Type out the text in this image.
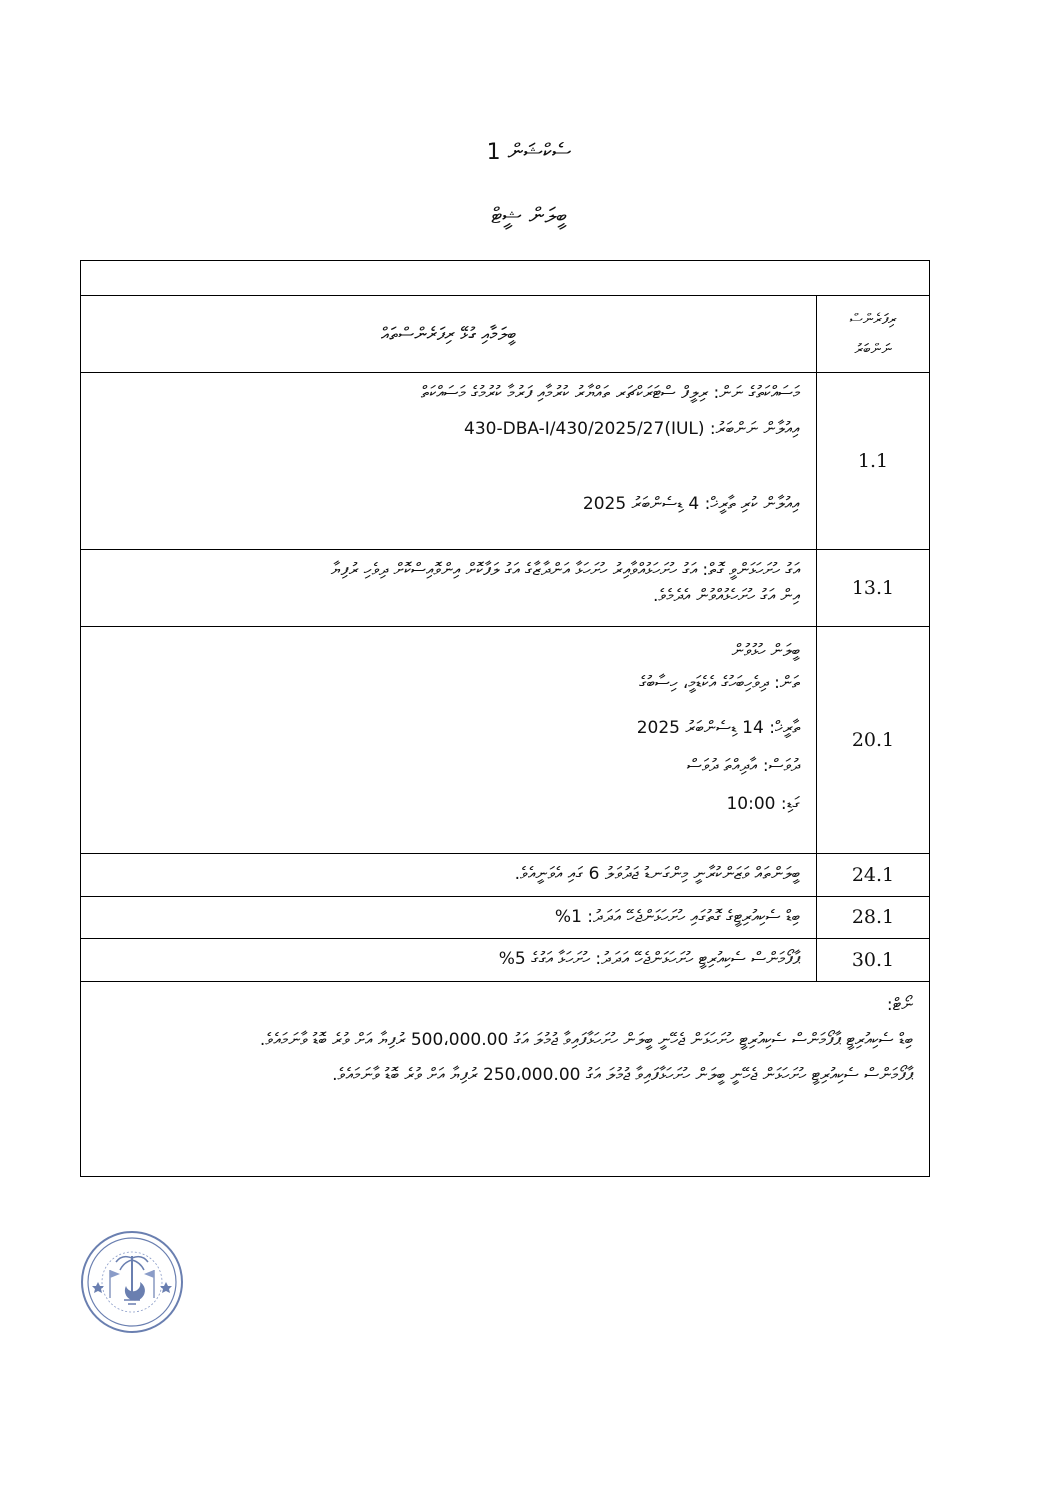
ސެކްޝަން 1
ބީލަން ޝީޓް

ބީލަމާއި ގުޅޭ ރިފަރެންސްތައް	ރިފަރެންސް
ނަންބަރު

މަސައްކަތުގެ ނަން: ރިލީފް ސްޓަރަކްޗަރ ތައްޔާރު ކުރުމާއި ފަރުމާ ކުރުމުގެ މަސައްކަތް
އިއުލާން ނަންބަރު: (IUL)430-DBA-I/430/2025/27
އިއުލާން ކުރި ތާރީޚް: 4 ޑިސެންބަރު 2025	1.1

އަގު ހުށަހަޅަންވީ ގޮތް: އަގު ހުށަހަޅުއްވާއިރު ހުށަހަޅާ އަންދާޒާގެ އަގު ލަފާކޮށް އިންވޮއިސްކޮށް ދިވެހި ރުފިޔާ
އިން އަގު ހުށަހެޅުއްވުން އެދެމެވެ.	13.1

ބީލަން ހުޅުވުން
ތަން: ދިވެހިބަހުގެ އެކެޑަމީ، ހިސާބުގެ
ތާރީޚް: 14 ޑިސެންބަރު 2025
ދުވަސް: އާދިއްތަ ދުވަސް
ގަޑި: 10:00	20.1

ބީލަންތައް ވަޒަންކުރާނީ މިންގަނޑު ޖަދުވަލު 6 ގައި އެވަނީއެވެ.	24.1

ބިޑް ސެކިއުރިޓީގެ ގޮތުގައި ހުށަހަޅަންޖެހޭ އަދަދު: 1%	28.1

ޕާފޯމަންސް ސެކިއުރިޓީ ހުށަހަޅަންޖެހޭ އަދަދު: ހުށަހަޅާ އަގުގެ 5%	30.1

ނޯޓް:
ބިޑް ސެކިއުރިޓީ ޕާފޯމަންސް ސެކިއުރިޓީ ހުށަހަޅަން ޖެހޭނީ ބީލަން ހުށަހަޅާފައިވާ ޖުމުލަ އަގު 500،000.00 ރުފިޔާ އަށް ވުރެ ބޮޑު ވާނަމައެވެ.
ޕާފޯމަންސް ސެކިއުރިޓީ ހުށަހަޅަން ޖެހޭނީ ބީލަން ހުށަހަޅާފައިވާ ޖުމުލަ އަގު 250،000.00 ރުފިޔާ އަށް ވުރެ ބޮޑު ވާނަމައެވެ.	
